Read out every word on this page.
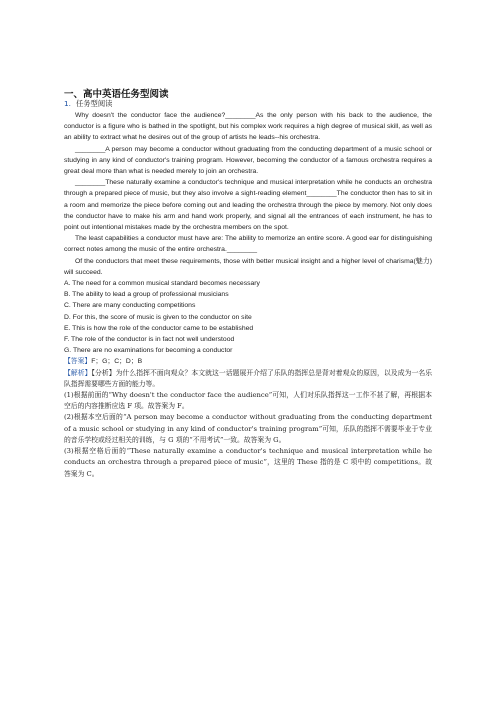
一、高中英语任务型阅读
1. 任务型阅读

Why doesn't the conductor face the audience?________As the only person with his back to the audience, the conductor is a figure who is bathed in the spotlight, but his complex work requires a high degree of musical skill, as well as an ability to extract what he desires out of the group of artists he leads--his orchestra.

________A person may become a conductor without graduating from the conducting department of a music school or studying in any kind of conductor's training program. However, becoming the conductor of a famous orchestra requires a great deal more than what is needed merely to join an orchestra.

________These naturally examine a conductor's technique and musical interpretation while he conducts an orchestra through a prepared piece of music, but they also involve a sight-reading element________The conductor then has to sit in a room and memorize the piece before coming out and leading the orchestra through the piece by memory. Not only does the conductor have to make his arm and hand work properly, and signal all the entrances of each instrument, he has to point out intentional mistakes made by the orchestra members on the spot.

The least capabilities a conductor must have are: The ability to memorize an entire score. A good ear for distinguishing correct notes among the music of the entire orchestra.________

Of the conductors that meet these requirements, those with better musical insight and a higher level of charisma(魅力) will succeed.

A. The need for a common musical standard becomes necessary

B. The ability to lead a group of professional musicians

C. There are many conducting competitions

D. For this, the score of music is given to the conductor on site

E. This is how the role of the conductor came to be established

F. The role of the conductor is in fact not well understood

G. There are no examinations for becoming a conductor

【答案】F；G；C；D；B

【解析】【分析】为什么指挥不面向观众？本文就这一话题展开介绍了乐队的指挥总是背对着观众的原因，以及成为一名乐队指挥需要哪些方面的能力等。

(1)根据前面的“Why doesn't the conductor face the audience”可知，人们对乐队指挥这一工作不甚了解，再根据本空后的内容推断应选 F 项。故答案为 F。

(2)根据本空后面的“A person may become a conductor without graduating from the conducting department of a music school or studying in any kind of conductor's training program”可知，乐队的指挥不需要毕业于专业的音乐学校或经过相关的训练，与 G 项的“不用考试”一致。故答案为 G。

(3)根据空格后面的“These naturally examine a conductor's technique and musical interpretation while he conducts an orchestra through a prepared piece of music”，这里的 These 指的是 C 项中的 competitions。故答案为 C。
